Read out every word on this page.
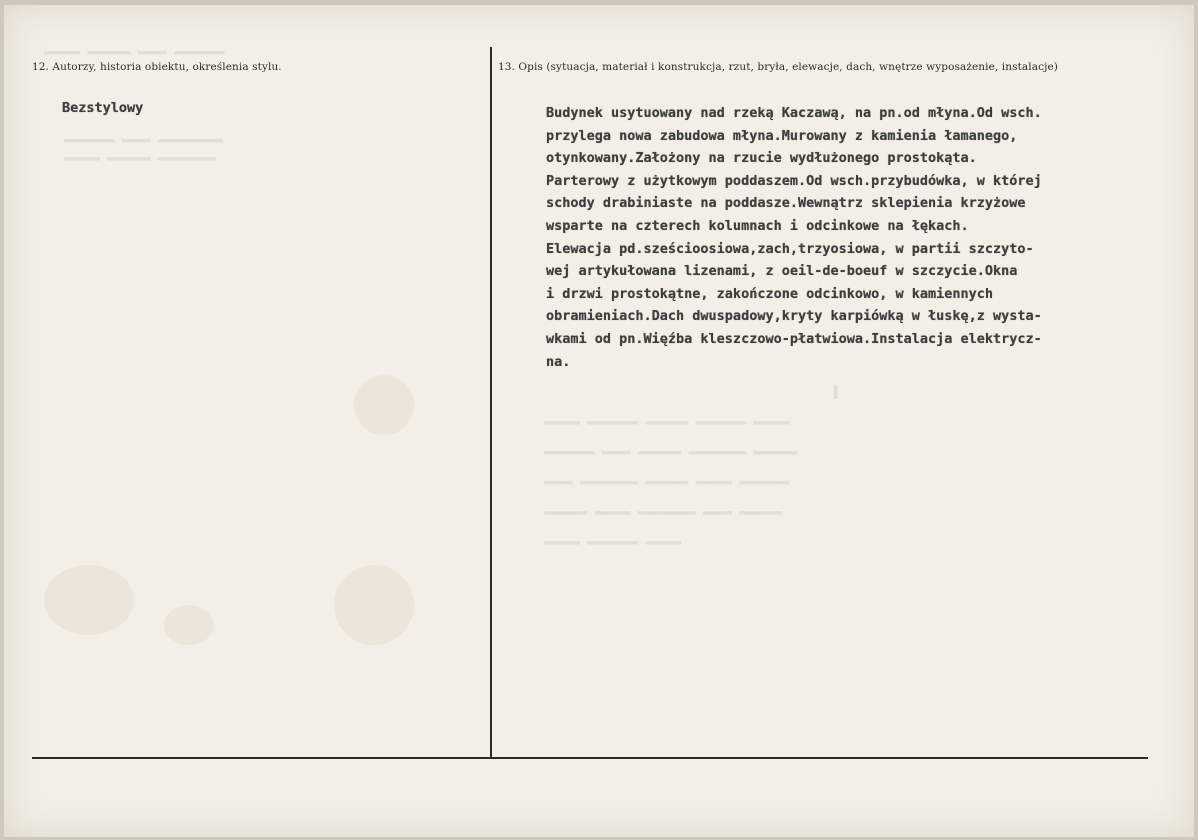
▬▬▬▬▬ ▬▬▬▬▬▬ ▬▬▬▬ ▬▬▬▬▬▬▬
▬▬▬▬▬▬▬ ▬▬▬▬ ▬▬▬▬▬▬▬▬▬
▬▬▬▬▬ ▬▬▬▬▬▬ ▬▬▬▬▬▬▬▬
▬▬▬▬▬ ▬▬▬▬▬▬▬ ▬▬▬▬▬▬ ▬▬▬▬▬▬▬ ▬▬▬▬▬
▬▬▬▬▬▬▬ ▬▬▬▬ ▬▬▬▬▬▬ ▬▬▬▬▬▬▬▬ ▬▬▬▬▬▬
▬▬▬▬ ▬▬▬▬▬▬▬▬ ▬▬▬▬▬▬ ▬▬▬▬▬ ▬▬▬▬▬▬▬
▬▬▬▬▬▬ ▬▬▬▬▬ ▬▬▬▬▬▬▬▬ ▬▬▬▬ ▬▬▬▬▬▬
▬▬▬▬▬ ▬▬▬▬▬▬▬ ▬▬▬▬▬
▌
12. Autorzy, historia obiektu, określenia stylu.
Bezstylowy
13. Opis (sytuacja, materiał i konstrukcja, rzut, bryła, elewacje, dach, wnętrze wyposażenie, instalacje)
Budynek usytuowany nad rzeką Kaczawą, na pn.od młyna.Od wsch.
przylega nowa zabudowa młyna.Murowany z kamienia łamanego,
otynkowany.Założony na rzucie wydłużonego prostokąta.
Parterowy z użytkowym poddaszem.Od wsch.przybudówka, w której
schody drabiniaste na poddasze.Wewnątrz sklepienia krzyżowe
wsparte na czterech kolumnach i odcinkowe na łękach.
Elewacja pd.sześcioosiowa,zach,trzyosiowa, w partii szczyto-
wej artykułowana lizenami, z oeil-de-boeuf w szczycie.Okna
i drzwi prostokątne, zakończone odcinkowo, w kamiennych
obramieniach.Dach dwuspadowy,kryty karpiówką w łuskę,z wysta-
wkami od pn.Więźba kleszczowo-płatwiowa.Instalacja elektrycz-
na.
